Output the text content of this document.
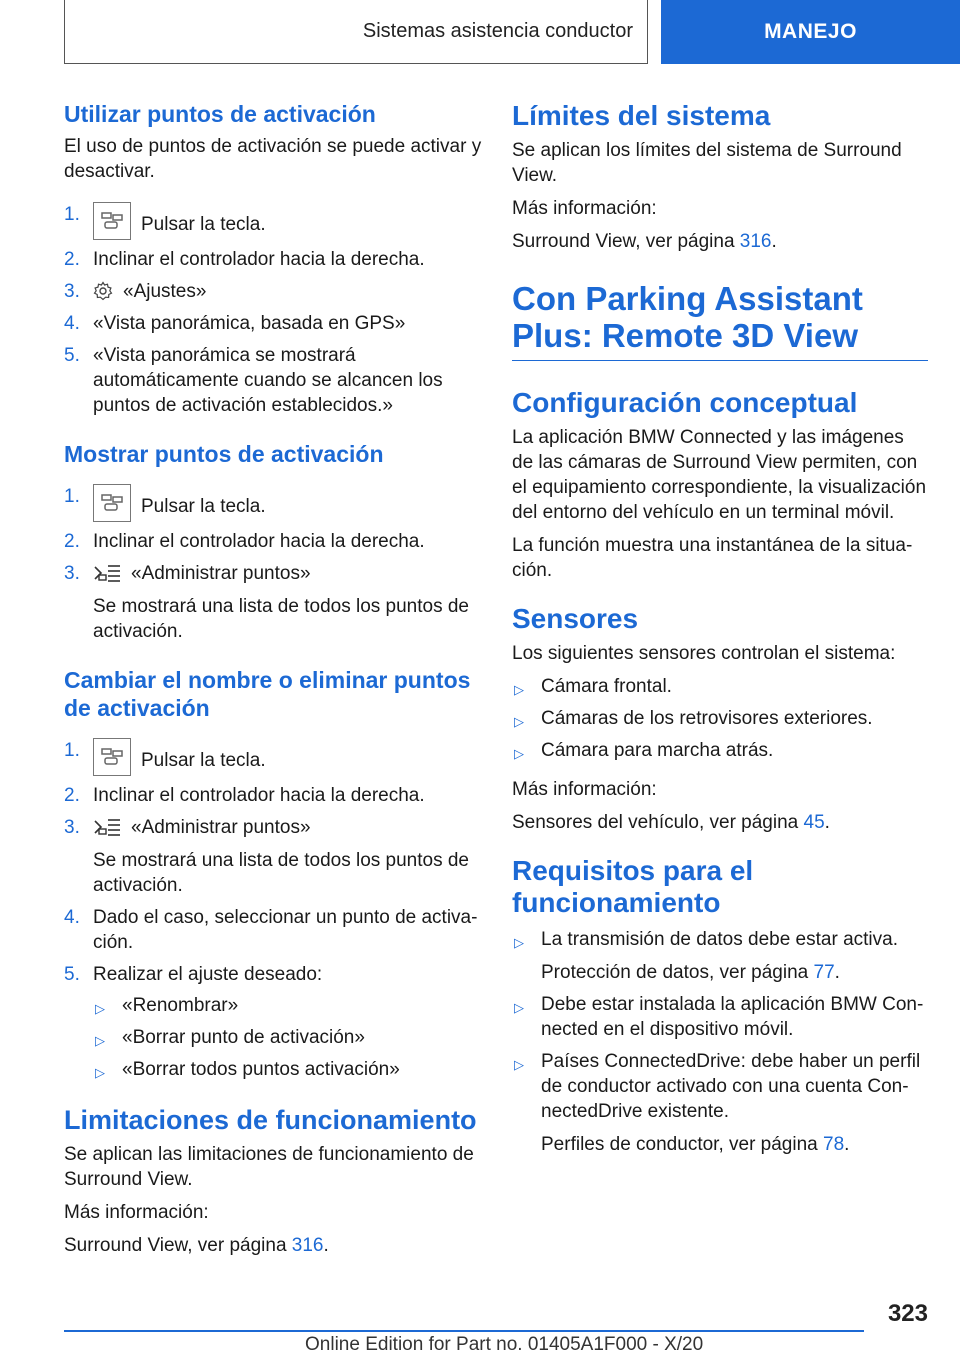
Sistemas asistencia conductor	MANEJO
Utilizar puntos de activación

El uso de puntos de activación se puede activar y desactivar.

1.	Pulsar la tecla.
2. Inclinar el controlador hacia la derecha.
3. «Ajustes»
4. «Vista panorámica, basada en GPS»
5. «Vista panorámica se mostrará automáticamente cuando se alcancen los puntos de activación establecidos.»
Mostrar puntos de activación
1.	Pulsar la tecla.
2. Inclinar el controlador hacia la derecha.
3.	«Administrar puntos»

Se mostrará una lista de todos los puntos de activación.

Cambiar el nombre o eliminar puntos de activación
1.	Pulsar la tecla.
2. Inclinar el controlador hacia la derecha.
3.	«Administrar puntos»

Se mostrará una lista de todos los puntos de activación.

4. Dado el caso, seleccionar un punto de activa-ción.
5. Realizar el ajuste deseado:
▷ «Renombrar»
▷ «Borrar punto de activación»
▷ «Borrar todos puntos activación»
Limitaciones de funcionamiento

Se aplican las limitaciones de funcionamiento de Surround View.

Más información:

Surround View, ver página 316.

Límites del sistema

Se aplican los límites del sistema de Surround View.

Más información:

Surround View, ver página 316.

Con Parking Assistant Plus: Remote 3D View
Configuración conceptual

La aplicación BMW Connected y las imágenes de las cámaras de Surround View permiten, con el equipamiento correspondiente, la visualización del entorno del vehículo en un terminal móvil.

La función muestra una instantánea de la situa-ción.

Sensores

Los siguientes sensores controlan el sistema:

▷ Cámara frontal.
▷ Cámaras de los retrovisores exteriores.
▷ Cámara para marcha atrás.

Más información:

Sensores del vehículo, ver página 45.

Requisitos para el funcionamiento
▷ La transmisión de datos debe estar activa.

Protección de datos, ver página 77.

▷ Debe estar instalada la aplicación BMW Con-nected en el dispositivo móvil.
▷ Países ConnectedDrive: debe haber un perfil de conductor activado con una cuenta Con-nectedDrive existente.

Perfiles de conductor, ver página 78.

323
Online Edition for Part no. 01405A1F000 - X/20
